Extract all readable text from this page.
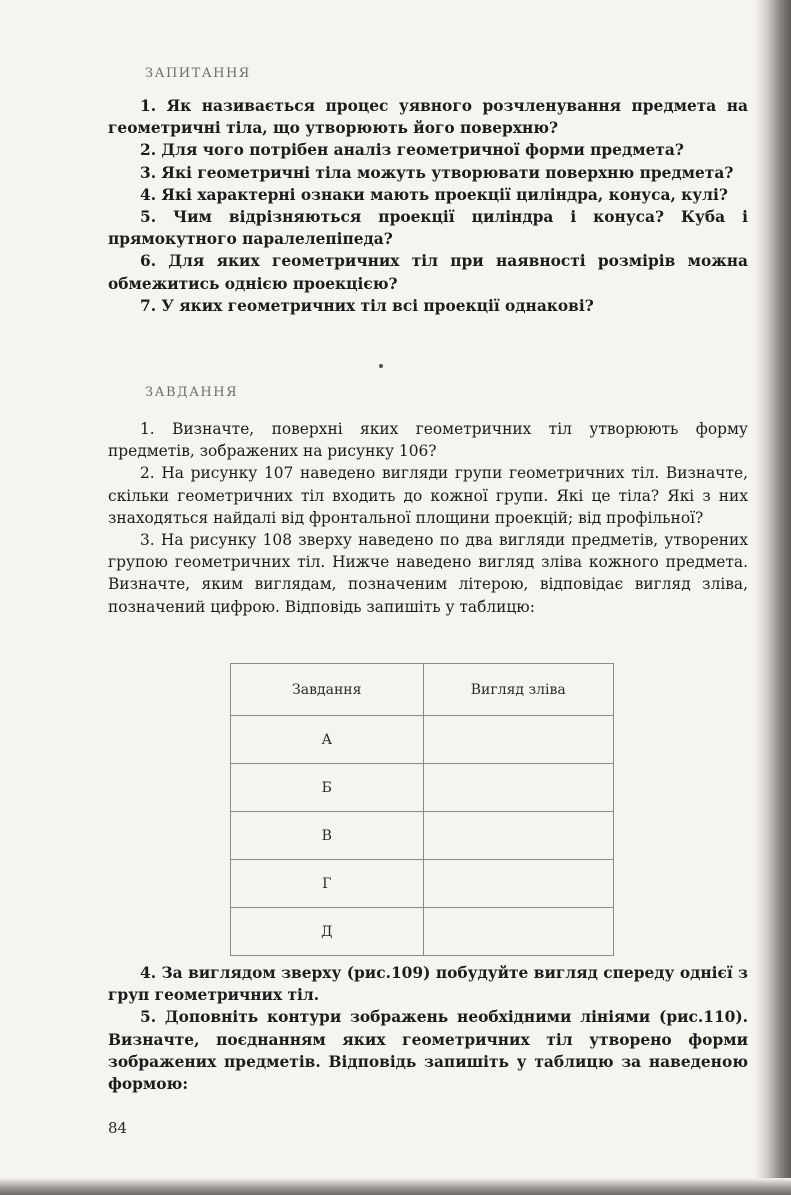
ЗАПИТАННЯ

1. Як називається процес уявного розчленування предмета на геометричні тіла, що утворюють його поверхню?

2. Для чого потрібен аналіз геометричної форми предмета?

3. Які геометричні тіла можуть утворювати поверхню предмета?

4. Які характерні ознаки мають проекції циліндра, конуса, кулі?

5. Чим відрізняються проекції циліндра і конуса? Куба і прямокутного паралелепіпеда?

6. Для яких геометричних тіл при наявності розмірів можна обмежитись однією проекцією?

7. У яких геометричних тіл всі проекції однакові?

ЗАВДАННЯ

1. Визначте, поверхні яких геометричних тіл утворюють форму предметів, зображених на рисунку 106?

2. На рисунку 107 наведено вигляди групи геометричних тіл. Визначте, скільки геометричних тіл входить до кожної групи. Які це тіла? Які з них знаходяться найдалі від фронтальної площини проекцій; від профільної?

3. На рисунку 108 зверху наведено по два вигляди предметів, утворених групою геометричних тіл. Нижче наведено вигляд зліва кожного предмета. Визначте, яким виглядам, позначеним літерою, відповідає вигляд зліва, позначений цифрою. Відповідь запишіть у таблицю:

Завдання	Вигляд зліва
А	
Б	
В	
Г	
Д	

4. За виглядом зверху (рис.109) побудуйте вигляд спереду однієї з груп геометричних тіл.

5. Доповніть контури зображень необхідними лініями (рис.110). Визначте, поєднанням яких геометричних тіл утворено форми зображених предметів. Відповідь запишіть у таблицю за наведеною формою:

84
